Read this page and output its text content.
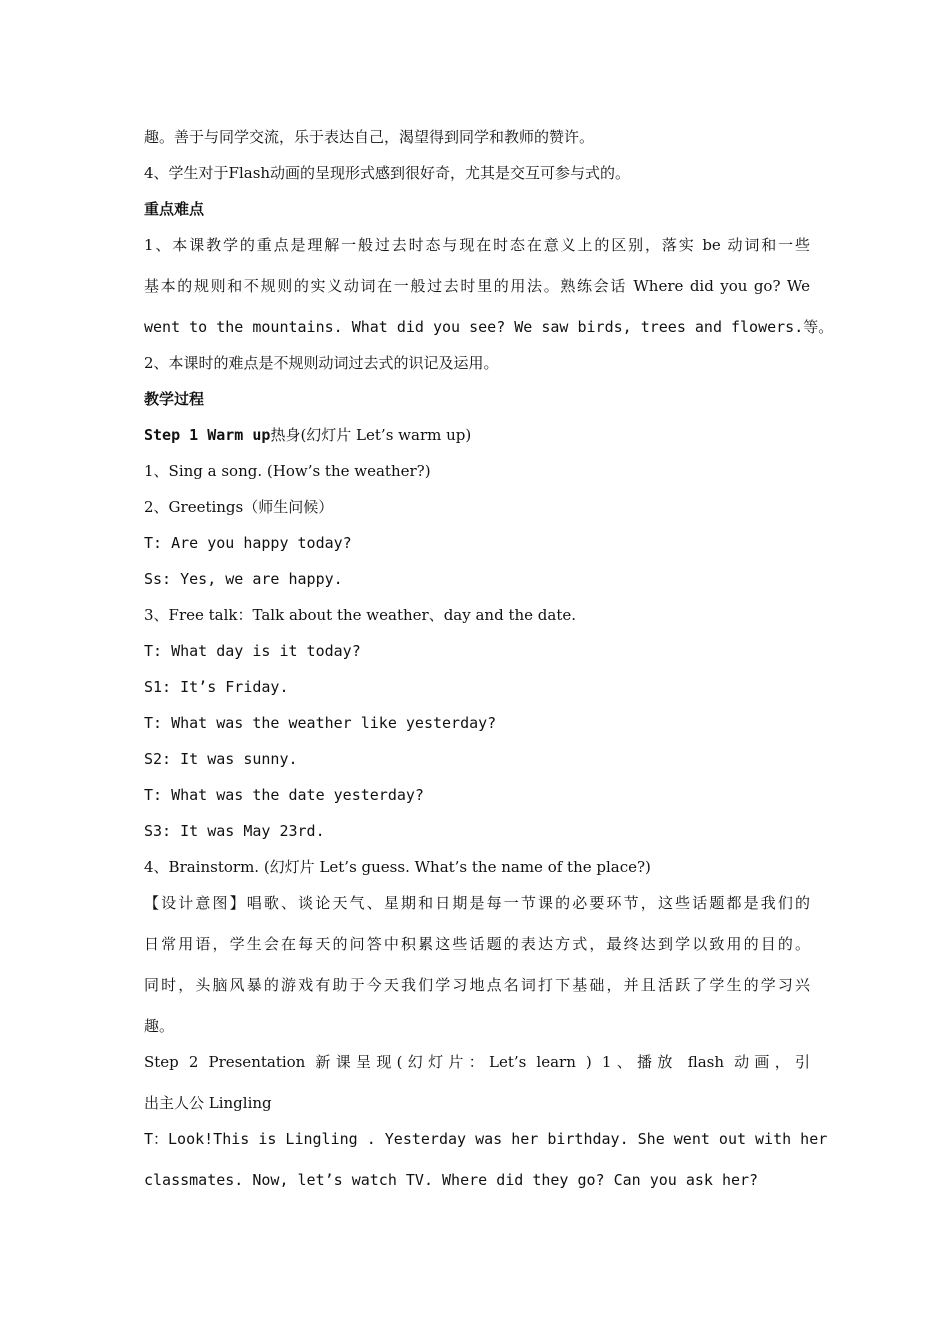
趣。善于与同学交流，乐于表达自己，渴望得到同学和教师的赞许。

4、学生对于Flash动画的呈现形式感到很好奇，尤其是交互可参与式的。

重点难点

1、本课教学的重点是理解一般过去时态与现在时态在意义上的区别，落实 be 动词和一些

基本的规则和不规则的实义动词在一般过去时里的用法。熟练会话 Where did you go? We

went to the mountains. What did you see? We saw birds, trees and flowers.等。

2、本课时的难点是不规则动词过去式的识记及运用。

教学过程

Step 1 Warm up热身(幻灯片 Let’s warm up)

1、Sing a song. (How’s the weather?)

2、Greetings（师生问候）

T: Are you happy today?

Ss: Yes, we are happy.

3、Free talk：Talk about the weather、day and the date.

T: What day is it today?

S1: It’s Friday.

T: What was the weather like yesterday?

S2: It was sunny.

T: What was the date yesterday?

S3: It was May 23rd.

4、Brainstorm. (幻灯片 Let’s guess. What’s the name of the place?)

【设计意图】唱歌、谈论天气、星期和日期是每一节课的必要环节，这些话题都是我们的

日常用语，学生会在每天的问答中积累这些话题的表达方式，最终达到学以致用的目的。

同时，头脑风暴的游戏有助于今天我们学习地点名词打下基础，并且活跃了学生的学习兴

趣。

Step 2 Presentation 新课呈现(幻灯片：Let’s learn ) 1、播放 flash 动画，引

出主人公 Lingling

T：Look!This is Lingling . Yesterday was her birthday. She went out with her

classmates. Now, let’s watch TV. Where did they go? Can you ask her?
